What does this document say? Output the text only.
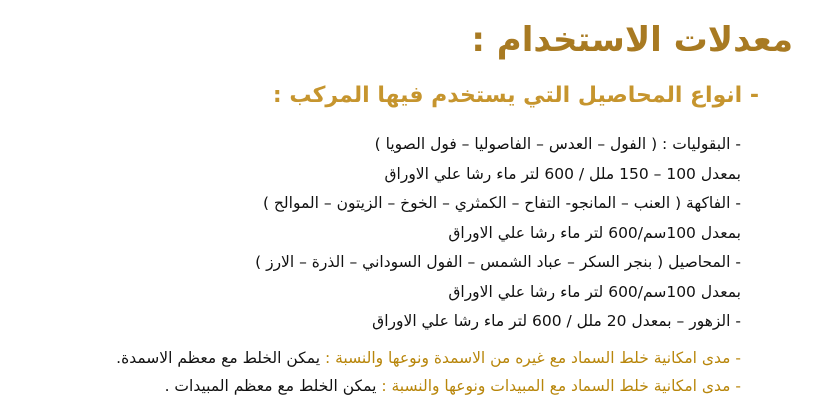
معدلات الاستخدام :
- انواع المحاصيل التي يستخدم فيها المركب :
- البقوليات : ( الفول – العدس – الفاصوليا – فول الصويا )
بمعدل 100 – 150 ملل / 600 لتر ماء رشا علي الاوراق
- الفاكهة ( العنب – المانجو- التفاح – الكمثري – الخوخ – الزيتون – الموالح )
بمعدل 100سم/600 لتر ماء رشا علي الاوراق
- المحاصيل ( بنجر السكر – عباد الشمس – الفول السوداني – الذرة – الارز )
بمعدل 100سم/600 لتر ماء رشا علي الاوراق
- الزهور – بمعدل 20 ملل / 600 لتر ماء رشا علي الاوراق

- مدى امكانية خلط السماد مع غيره من الاسمدة ونوعها والنسبة : يمكن الخلط مع معظم الاسمدة.

- مدى امكانية خلط السماد مع المبيدات ونوعها والنسبة : يمكن الخلط مع معظم المبيدات .
